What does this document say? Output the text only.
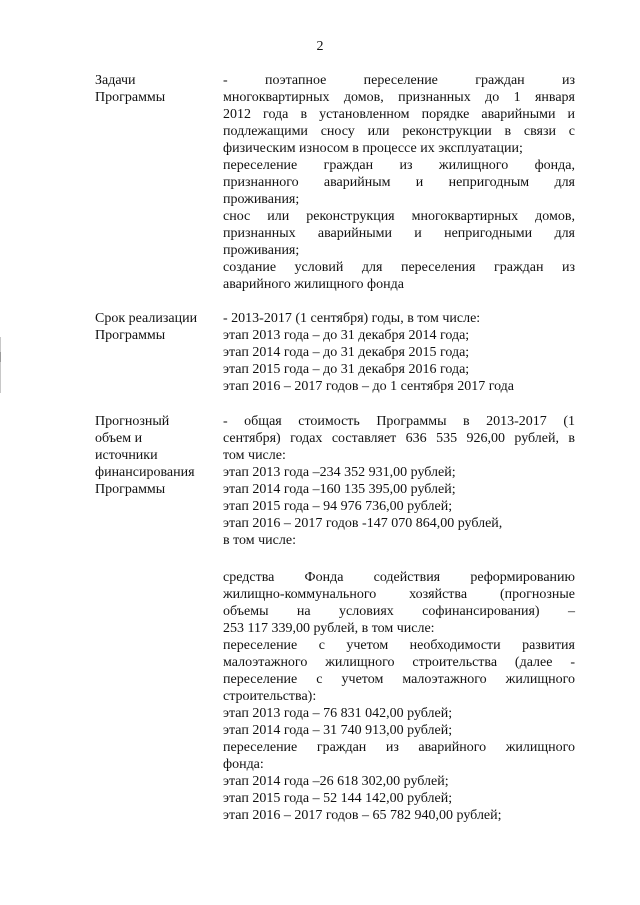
2
Задачи
Программы

- поэтапное переселение граждан из

многоквартирных домов, признанных до 1 января

2012 года в установленном порядке аварийными и

подлежащими сносу или реконструкции в связи с

физическим износом в процессе их эксплуатации;

переселение граждан из жилищного фонда,

признанного аварийным и непригодным для

проживания;

снос или реконструкция многоквартирных домов,

признанных аварийными и непригодными для

проживания;

создание условий для переселения граждан из

аварийного жилищного фонда

Срок реализации
Программы

- 2013-2017 (1 сентября) годы, в том числе:

этап 2013 года – до 31 декабря 2014 года;

этап 2014 года – до 31 декабря 2015 года;

этап 2015 года – до 31 декабря 2016 года;

этап 2016 – 2017 годов – до 1 сентября 2017 года

Прогнозный
объем и
источники
финансирования
Программы

- общая стоимость Программы в 2013-2017 (1

сентября) годах составляет 636 535 926,00 рублей, в

том числе:

этап 2013 года –234 352 931,00 рублей;

этап 2014 года –160 135 395,00 рублей;

этап 2015 года – 94 976 736,00 рублей;

этап 2016 – 2017 годов -147 070 864,00 рублей,

в том числе:

средства Фонда содействия реформированию

жилищно-коммунального хозяйства (прогнозные

объемы на условиях софинансирования) –

253 117 339,00 рублей, в том числе:

переселение с учетом необходимости развития

малоэтажного жилищного строительства (далее -

переселение с учетом малоэтажного жилищного

строительства):

этап 2013 года – 76 831 042,00 рублей;

этап 2014 года – 31 740 913,00 рублей;

переселение граждан из аварийного жилищного

фонда:

этап 2014 года –26 618 302,00 рублей;

этап 2015 года – 52 144 142,00 рублей;

этап 2016 – 2017 годов – 65 782 940,00 рублей;
